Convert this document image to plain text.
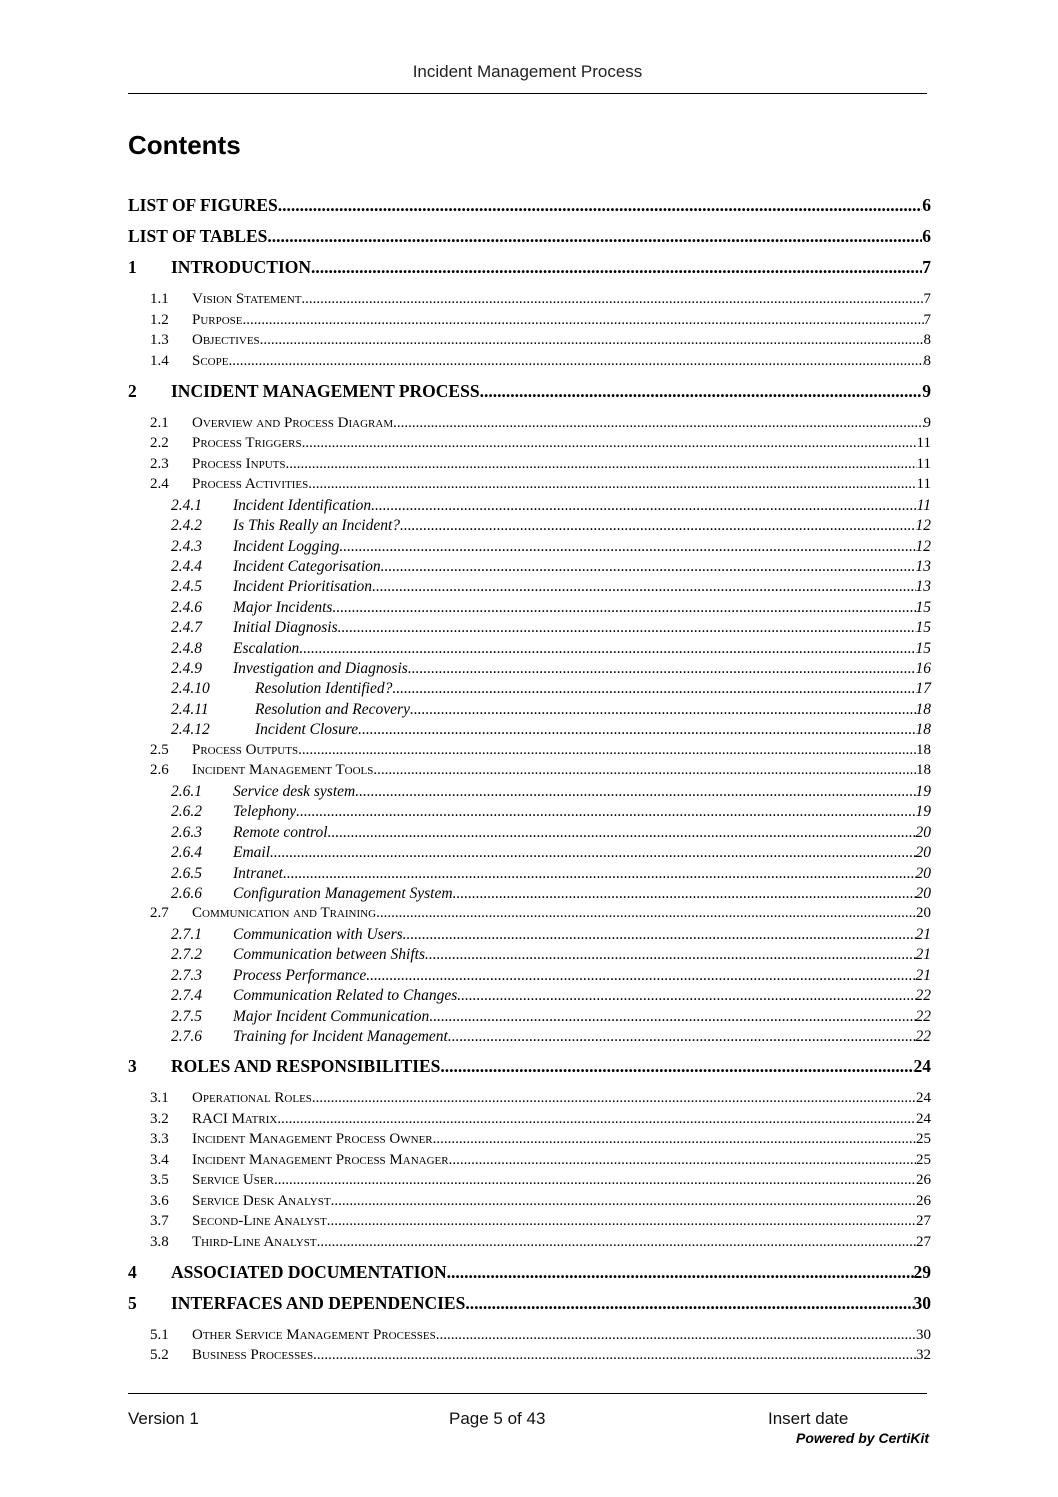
Incident Management Process
Contents
LIST OF FIGURES .....	6
LIST OF TABLES .....	6
1	INTRODUCTION .....	7
1.1	Vision Statement .....	7
1.2	Purpose .....	7
1.3	Objectives .....	8
1.4	Scope .....	8
2	INCIDENT MANAGEMENT PROCESS .....	9
2.1	Overview and Process Diagram .....	9
2.2	Process Triggers .....	11
2.3	Process Inputs .....	11
2.4	Process Activities .....	11
2.4.1	Incident Identification .....	11
2.4.2	Is This Really an Incident? .....	12
2.4.3	Incident Logging .....	12
2.4.4	Incident Categorisation .....	13
2.4.5	Incident Prioritisation .....	13
2.4.6	Major Incidents .....	15
2.4.7	Initial Diagnosis .....	15
2.4.8	Escalation .....	15
2.4.9	Investigation and Diagnosis .....	16
2.4.10	Resolution Identified? .....	17
2.4.11	Resolution and Recovery .....	18
2.4.12	Incident Closure .....	18
2.5	Process Outputs .....	18
2.6	Incident Management Tools .....	18
2.6.1	Service desk system .....	19
2.6.2	Telephony .....	19
2.6.3	Remote control .....	20
2.6.4	Email .....	20
2.6.5	Intranet .....	20
2.6.6	Configuration Management System .....	20
2.7	Communication and Training .....	20
2.7.1	Communication with Users .....	21
2.7.2	Communication between Shifts .....	21
2.7.3	Process Performance .....	21
2.7.4	Communication Related to Changes .....	22
2.7.5	Major Incident Communication .....	22
2.7.6	Training for Incident Management .....	22
3	ROLES AND RESPONSIBILITIES .....	24
3.1	Operational Roles .....	24
3.2	RACI Matrix .....	24
3.3	Incident Management Process Owner .....	25
3.4	Incident Management Process Manager .....	25
3.5	Service User .....	26
3.6	Service Desk Analyst .....	26
3.7	Second-Line Analyst .....	27
3.8	Third-Line Analyst .....	27
4	ASSOCIATED DOCUMENTATION .....	29
5	INTERFACES AND DEPENDENCIES .....	30
5.1	Other Service Management Processes .....	30
5.2	Business Processes .....	32
Version 1	Page 5 of 43	Insert date
Powered by CertiKit
